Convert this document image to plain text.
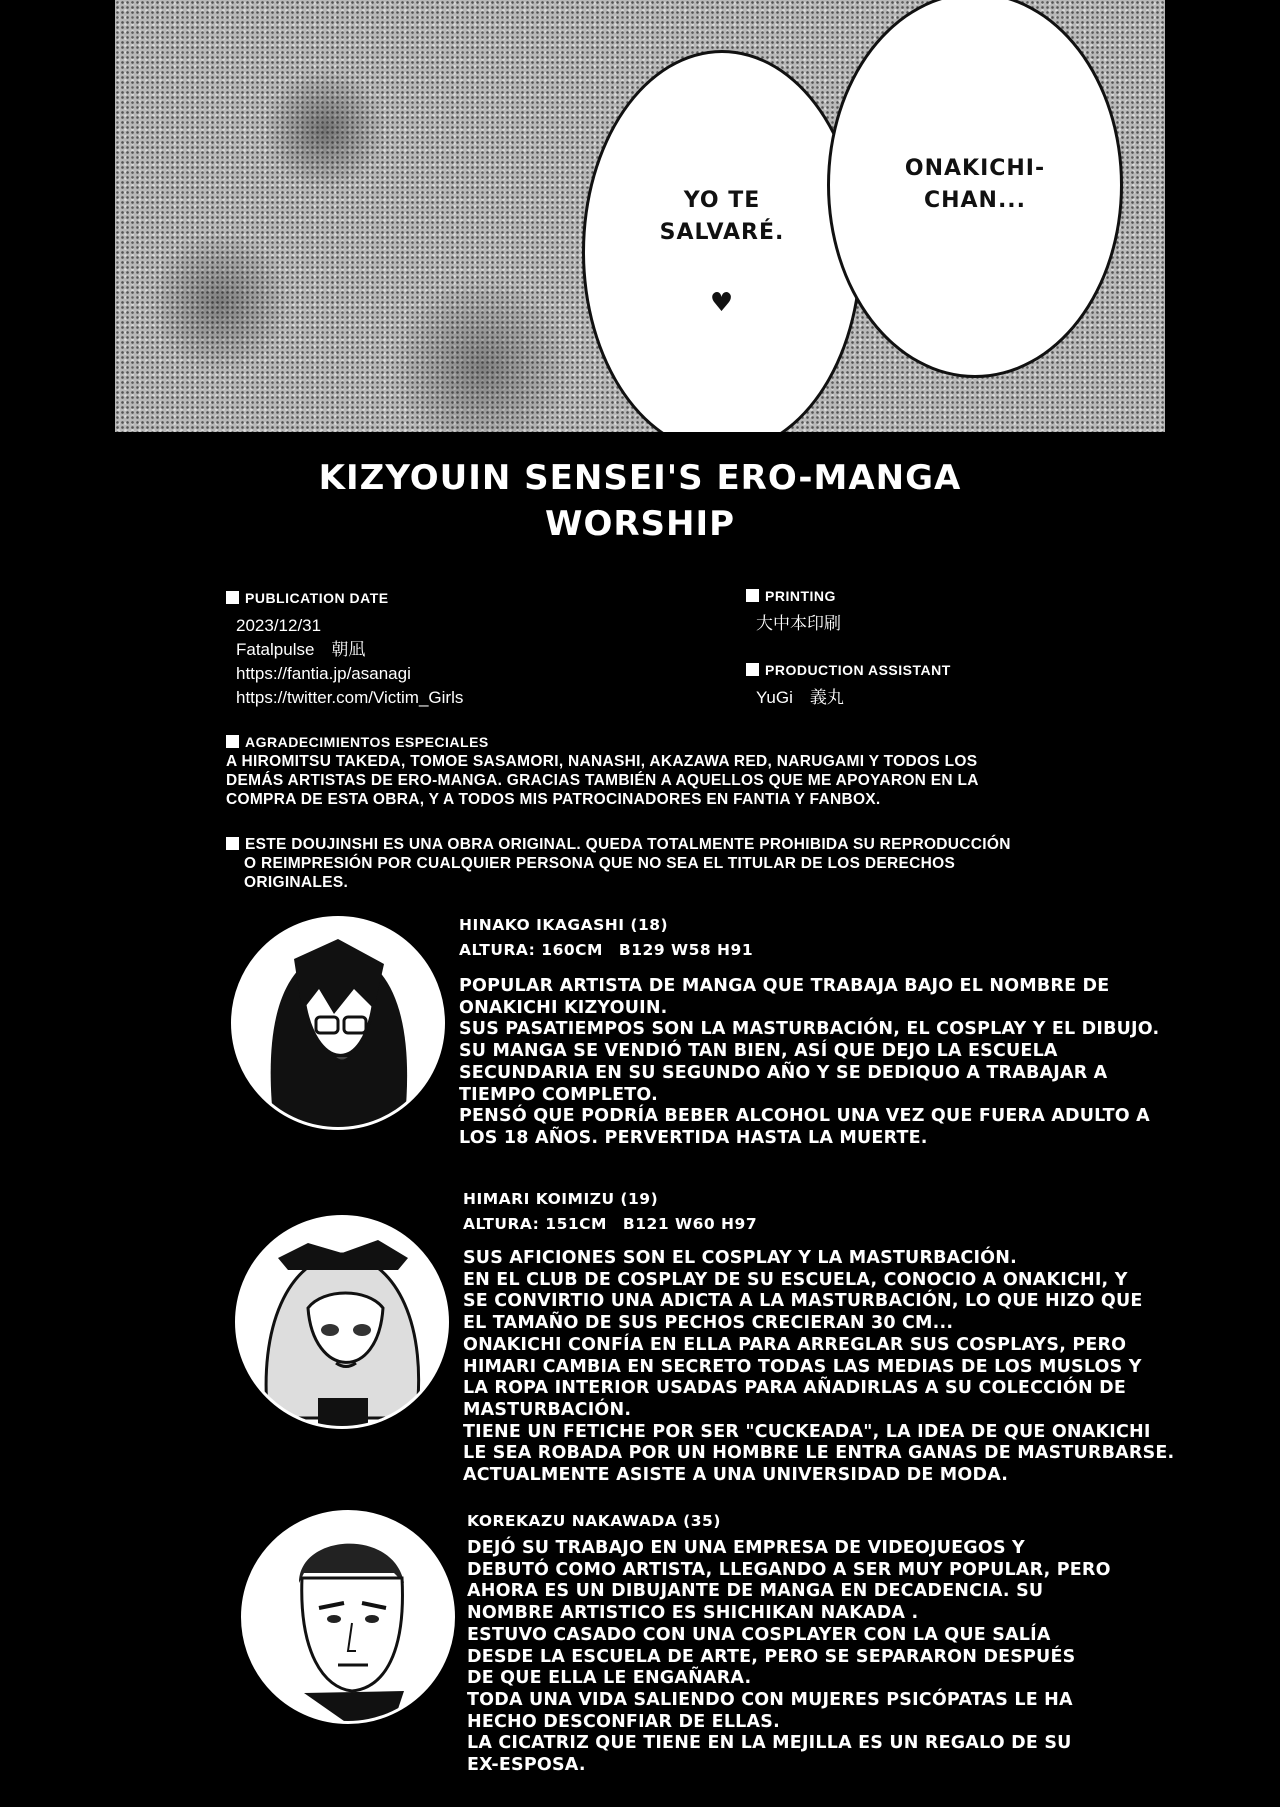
YO TE
SALVARÉ.
♥
ONAKICHI-
CHAN...
KIZYOUIN SENSEI'S ERO-MANGA
WORSHIP
PUBLICATION DATE
2023/12/31
Fatalpulse　朝凪
https://fantia.jp/asanagi
https://twitter.com/Victim_Girls
PRINTING
大中本印刷
PRODUCTION ASSISTANT
YuGi　義丸
AGRADECIMIENTOS ESPECIALES
A HIROMITSU TAKEDA, TOMOE SASAMORI, NANASHI, AKAZAWA RED, NARUGAMI Y TODOS LOS
DEMÁS ARTISTAS DE ERO-MANGA. GRACIAS TAMBIÉN A AQUELLOS QUE ME APOYARON EN LA
COMPRA DE ESTA OBRA, Y A TODOS MIS PATROCINADORES EN FANTIA Y FANBOX.
ESTE DOUJINSHI ES UNA OBRA ORIGINAL. QUEDA TOTALMENTE PROHIBIDA SU REPRODUCCIÓN
O REIMPRESIÓN POR CUALQUIER PERSONA QUE NO SEA EL TITULAR DE LOS DERECHOS
ORIGINALES.
HINAKO IKAGASHI (18)
ALTURA: 160CM　B129 W58 H91
POPULAR ARTISTA DE MANGA QUE TRABAJA BAJO EL NOMBRE DE
ONAKICHI KIZYOUIN.
SUS PASATIEMPOS SON LA MASTURBACIÓN, EL COSPLAY Y EL DIBUJO.
SU MANGA SE VENDIÓ TAN BIEN, ASÍ QUE DEJO LA ESCUELA
SECUNDARIA EN SU SEGUNDO AÑO Y SE DEDIQUO A TRABAJAR A
TIEMPO COMPLETO.
PENSÓ QUE PODRÍA BEBER ALCOHOL UNA VEZ QUE FUERA ADULTO A
LOS 18 AÑOS. PERVERTIDA HASTA LA MUERTE.
HIMARI KOIMIZU (19)
ALTURA: 151CM　B121 W60 H97
SUS AFICIONES SON EL COSPLAY Y LA MASTURBACIÓN.
EN EL CLUB DE COSPLAY DE SU ESCUELA, CONOCIO A ONAKICHI, Y
SE CONVIRTIO UNA ADICTA A LA MASTURBACIÓN, LO QUE HIZO QUE
EL TAMAÑO DE SUS PECHOS CRECIERAN 30 CM...
ONAKICHI CONFÍA EN ELLA PARA ARREGLAR SUS COSPLAYS, PERO
HIMARI CAMBIA EN SECRETO TODAS LAS MEDIAS DE LOS MUSLOS Y
LA ROPA INTERIOR USADAS PARA AÑADIRLAS A SU COLECCIÓN DE
MASTURBACIÓN.
TIENE UN FETICHE POR SER "CUCKEADA", LA IDEA DE QUE ONAKICHI
LE SEA ROBADA POR UN HOMBRE LE ENTRA GANAS DE MASTURBARSE.
ACTUALMENTE ASISTE A UNA UNIVERSIDAD DE MODA.
KOREKAZU NAKAWADA (35)
DEJÓ SU TRABAJO EN UNA EMPRESA DE VIDEOJUEGOS Y
DEBUTÓ COMO ARTISTA, LLEGANDO A SER MUY POPULAR, PERO
AHORA ES UN DIBUJANTE DE MANGA EN DECADENCIA. SU
NOMBRE ARTISTICO ES SHICHIKAN NAKADA .
ESTUVO CASADO CON UNA COSPLAYER CON LA QUE SALÍA
DESDE LA ESCUELA DE ARTE, PERO SE SEPARARON DESPUÉS
DE QUE ELLA LE ENGAÑARA.
TODA UNA VIDA SALIENDO CON MUJERES PSICÓPATAS LE HA
HECHO DESCONFIAR DE ELLAS.
LA CICATRIZ QUE TIENE EN LA MEJILLA ES UN REGALO DE SU
EX-ESPOSA.
